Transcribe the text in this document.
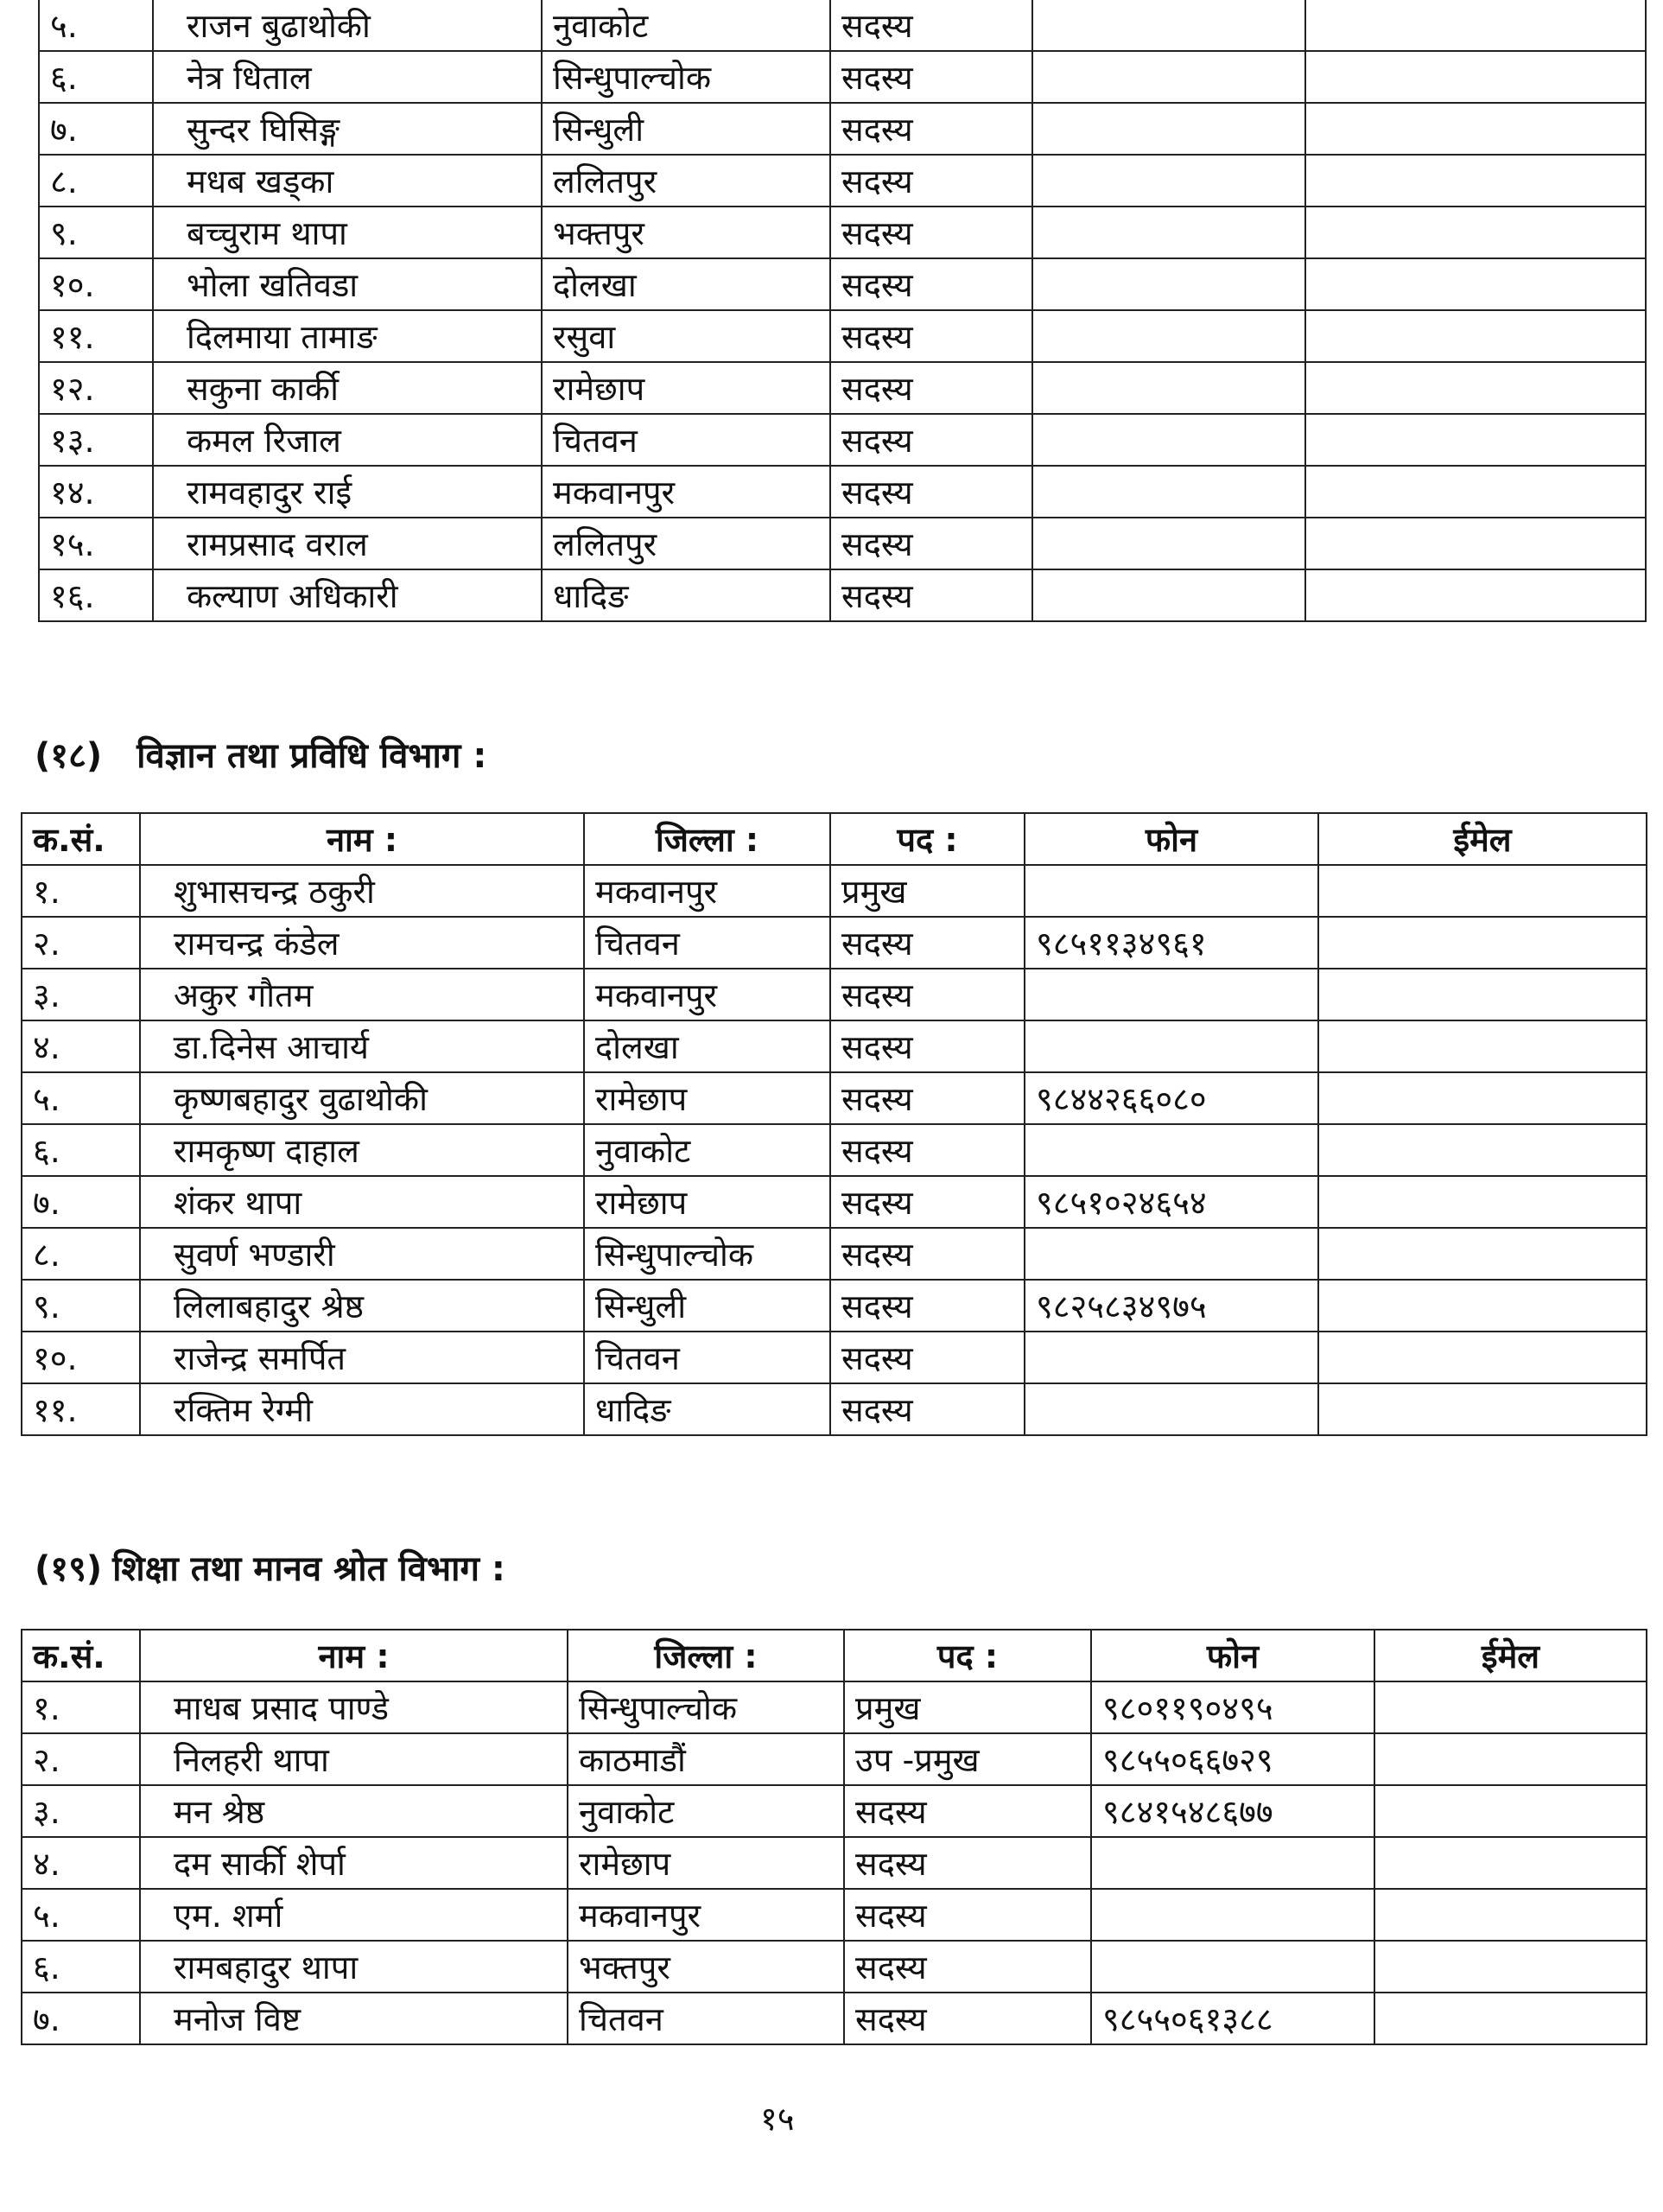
५.	राजन बुढाथोकी	नुवाकोट	सदस्य		
६.	नेत्र धिताल	सिन्धुपाल्चोक	सदस्य		
७.	सुन्दर घिसिङ्ग	सिन्धुली	सदस्य		
८.	मधब खड्का	ललितपुर	सदस्य		
९.	बच्चुराम थापा	भक्तपुर	सदस्य		
१०.	भोला खतिवडा	दोलखा	सदस्य		
११.	दिलमाया तामाङ	रसुवा	सदस्य		
१२.	सकुना कार्की	रामेछाप	सदस्य		
१३.	कमल रिजाल	चितवन	सदस्य		
१४.	रामवहादुर राई	मकवानपुर	सदस्य		
१५.	रामप्रसाद वराल	ललितपुर	सदस्य		
१६.	कल्याण अधिकारी	धादिङ	सदस्य		
(१८) विज्ञान तथा प्रविधि विभाग :
क.सं.	नाम :	जिल्ला :	पद :	फोन	ईमेल
१.	शुभासचन्द्र ठकुरी	मकवानपुर	प्रमुख		
२.	रामचन्द्र कंडेल	चितवन	सदस्य	९८५११३४९६१	
३.	अकुर गौतम	मकवानपुर	सदस्य		
४.	डा.दिनेस आचार्य	दोलखा	सदस्य		
५.	कृष्णबहादुर वुढाथोकी	रामेछाप	सदस्य	९८४४२६६०८०	
६.	रामकृष्ण दाहाल	नुवाकोट	सदस्य		
७.	शंकर थापा	रामेछाप	सदस्य	९८५१०२४६५४	
८.	सुवर्ण भण्डारी	सिन्धुपाल्चोक	सदस्य		
९.	लिलाबहादुर श्रेष्ठ	सिन्धुली	सदस्य	९८२५८३४९७५	
१०.	राजेन्द्र समर्पित	चितवन	सदस्य		
११.	रक्तिम रेग्मी	धादिङ	सदस्य		
(१९) शिक्षा तथा मानव श्रोत विभाग :
क.सं.	नाम :	जिल्ला :	पद :	फोन	ईमेल
१.	माधब प्रसाद पाण्डे	सिन्धुपाल्चोक	प्रमुख	९८०११९०४९५	
२.	निलहरी थापा	काठमाडौं	उप -प्रमुख	९८५५०६६७२९	
३.	मन श्रेष्ठ	नुवाकोट	सदस्य	९८४१५४८६७७	
४.	दम सार्की शेर्पा	रामेछाप	सदस्य		
५.	एम. शर्मा	मकवानपुर	सदस्य		
६.	रामबहादुर थापा	भक्तपुर	सदस्य		
७.	मनोज विष्ट	चितवन	सदस्य	९८५५०६१३८८	
१५
